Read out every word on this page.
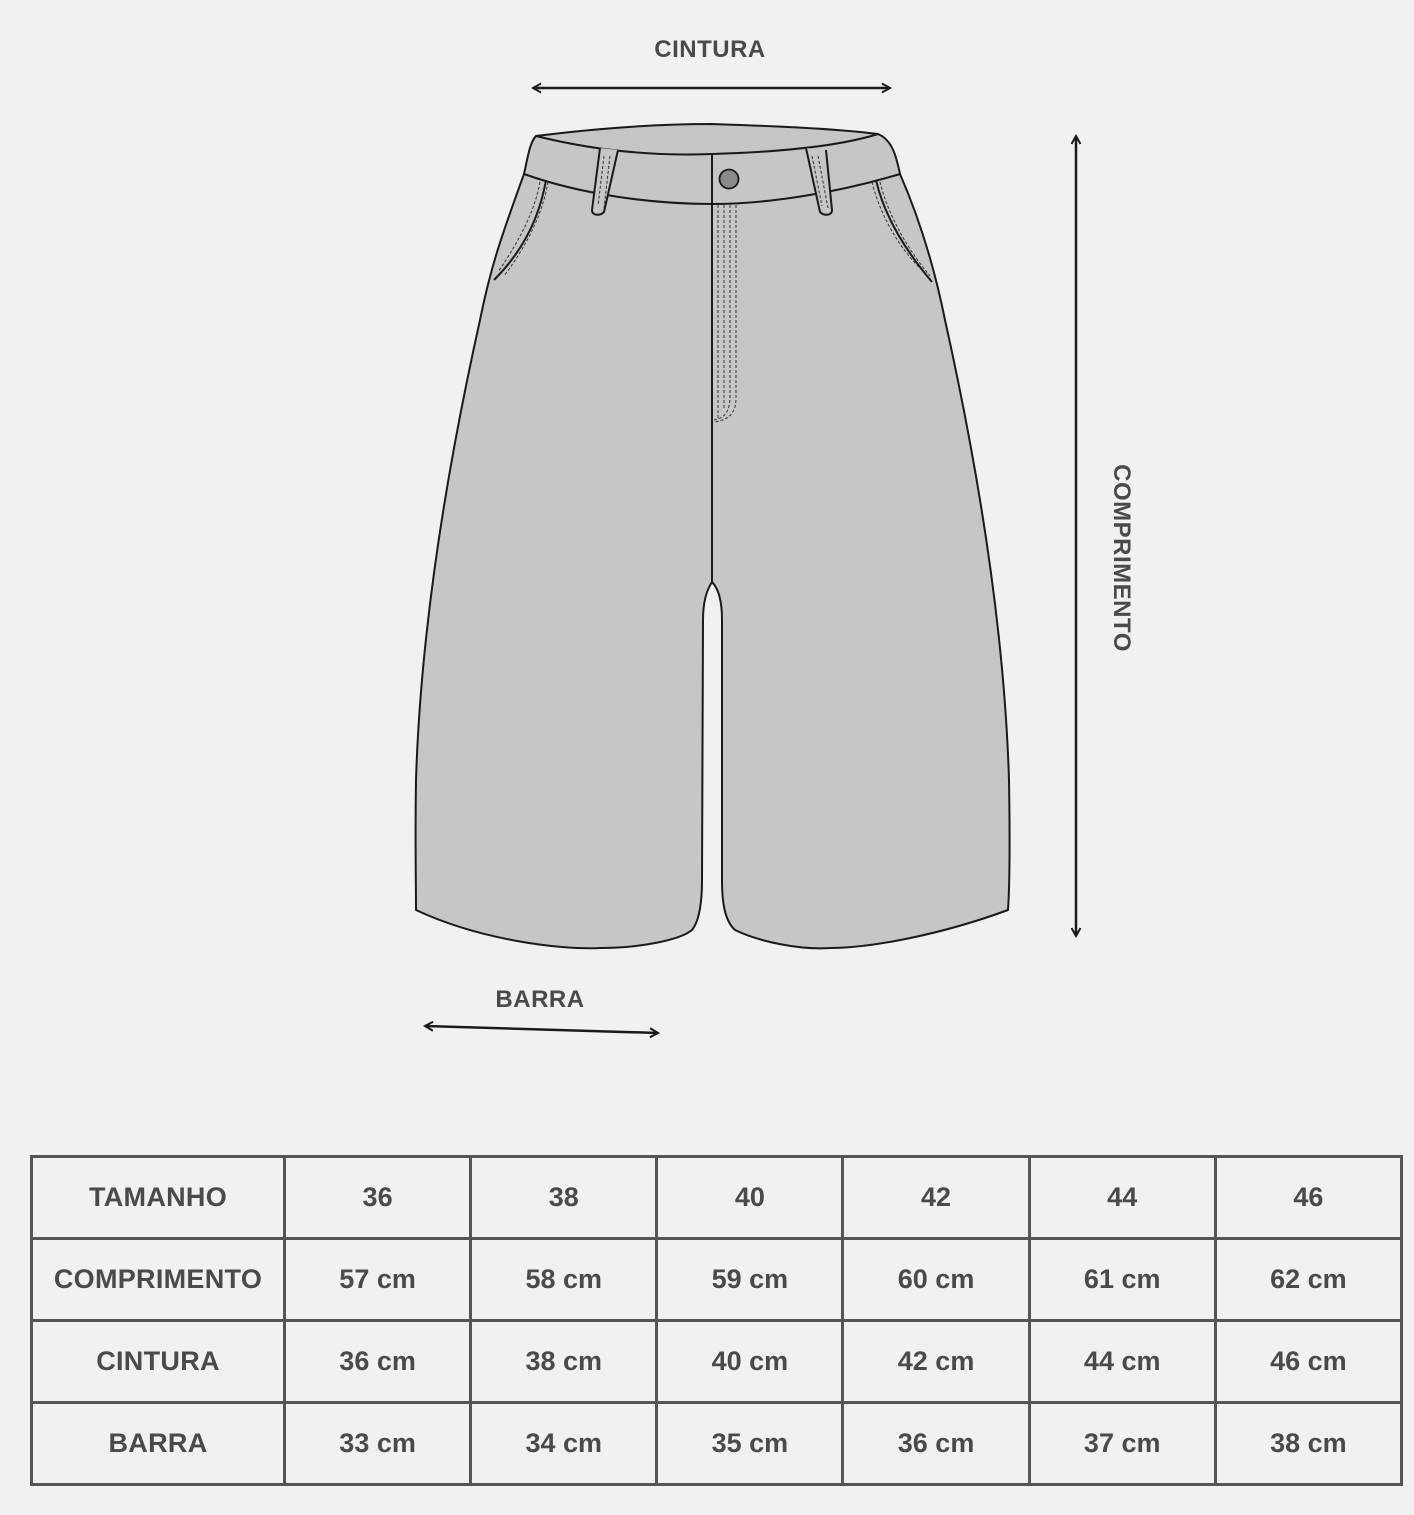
CINTURA
COMPRIMENTO
BARRA
TAMANHO	36	38	40	42	44	46
COMPRIMENTO	57 cm	58 cm	59 cm	60 cm	61 cm	62 cm
CINTURA	36 cm	38 cm	40 cm	42 cm	44 cm	46 cm
BARRA	33 cm	34 cm	35 cm	36 cm	37 cm	38 cm
